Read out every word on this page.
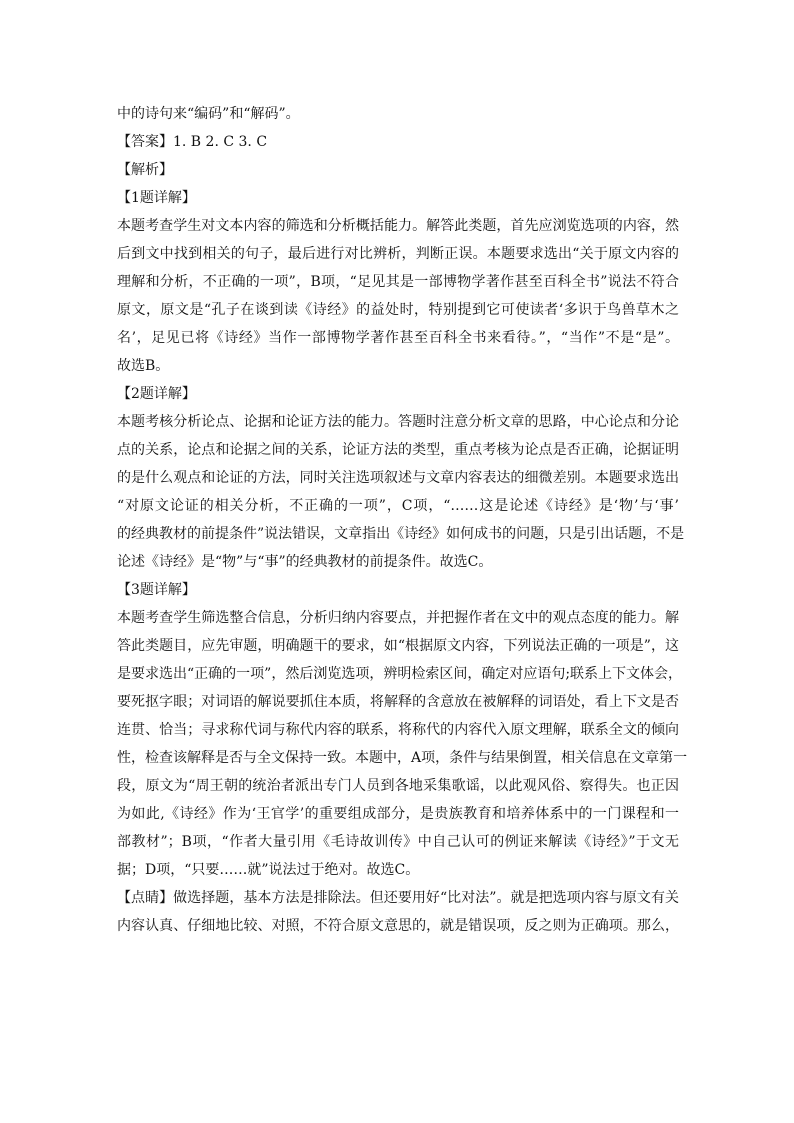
中的诗句来“编码”和“解码”。
【答案】1. B 2. C 3. C
【解析】
【1题详解】
本题考查学生对文本内容的筛选和分析概括能力。解答此类题，首先应浏览选项的内容，然
后到文中找到相关的句子，最后进行对比辨析，判断正误。本题要求选出“关于原文内容的
理解和分析，不正确的一项”，B项，“足见其是一部博物学著作甚至百科全书”说法不符合
原文，原文是“孔子在谈到读《诗经》的益处时，特别提到它可使读者‘多识于鸟兽草木之
名’，足见已将《诗经》当作一部博物学著作甚至百科全书来看待。”，“当作”不是“是”。
故选B。
【2题详解】
本题考核分析论点、论据和论证方法的能力。答题时注意分析文章的思路，中心论点和分论
点的关系，论点和论据之间的关系，论证方法的类型，重点考核为论点是否正确，论据证明
的是什么观点和论证的方法，同时关注选项叙述与文章内容表达的细微差别。本题要求选出
“对原文论证的相关分析，不正确的一项”，C项，“……这是论述《诗经》是‘物’与‘事’
的经典教材的前提条件”说法错误，文章指出《诗经》如何成书的问题，只是引出话题，不是
论述《诗经》是“物”与“事”的经典教材的前提条件。故选C。
【3题详解】
本题考查学生筛选整合信息，分析归纳内容要点，并把握作者在文中的观点态度的能力。解
答此类题目，应先审题，明确题干的要求，如“根据原文内容，下列说法正确的一项是”，这
是要求选出“正确的一项”，然后浏览选项，辨明检索区间，确定对应语句;联系上下文体会，
要死抠字眼；对词语的解说要抓住本质，将解释的含意放在被解释的词语处，看上下文是否
连贯、恰当；寻求称代词与称代内容的联系，将称代的内容代入原文理解，联系全文的倾向
性，检查该解释是否与全文保持一致。本题中，A项，条件与结果倒置，相关信息在文章第一
段，原文为“周王朝的统治者派出专门人员到各地采集歌谣，以此观风俗、察得失。也正因
为如此,《诗经》作为‘王官学’的重要组成部分，是贵族教育和培养体系中的一门课程和一
部教材”；B项，“作者大量引用《毛诗故训传》中自己认可的例证来解读《诗经》”于文无
据；D项，“只要……就”说法过于绝对。故选C。
【点睛】做选择题，基本方法是排除法。但还要用好“比对法”。就是把选项内容与原文有关
内容认真、仔细地比较、对照，不符合原文意思的，就是错误项，反之则为正确项。那么，
